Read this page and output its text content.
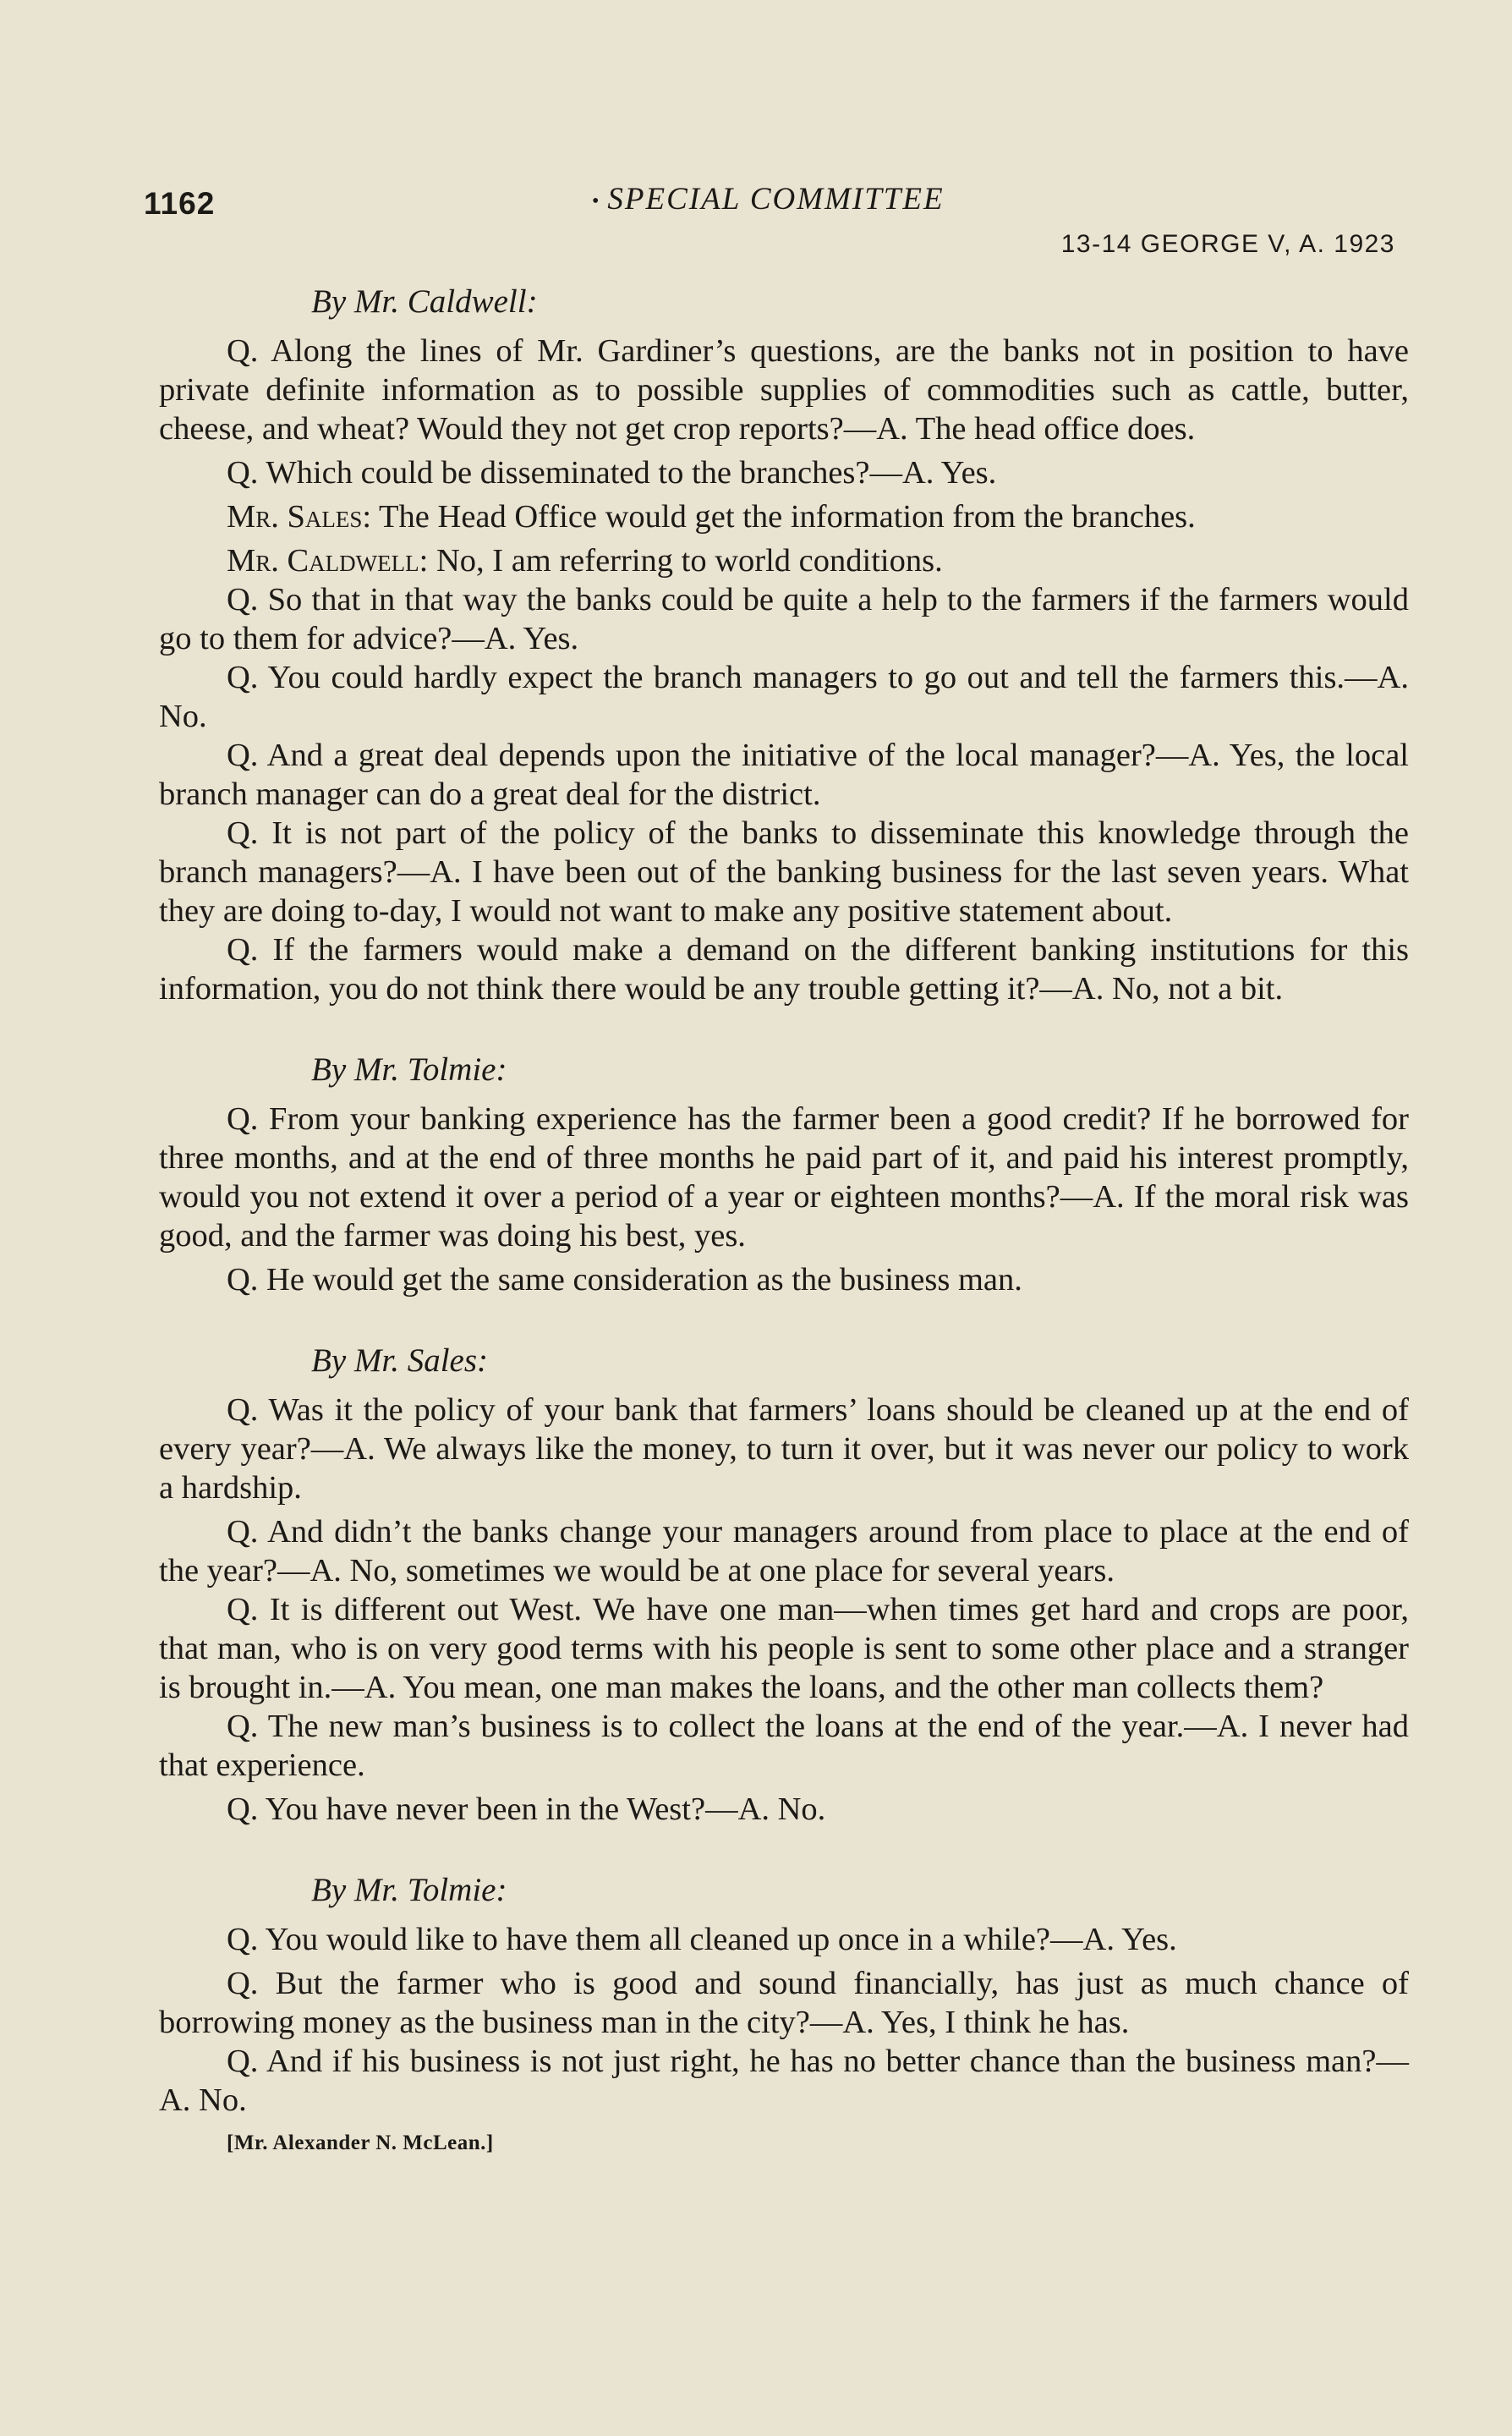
1162	• SPECIAL COMMITTEE
13-14 GEORGE V, A. 1923
By Mr. Caldwell:

Q. Along the lines of Mr. Gardiner’s questions, are the banks not in position to have private definite information as to possible supplies of commodities such as cattle, butter, cheese, and wheat? Would they not get crop reports?—A. The head office does.

Q. Which could be disseminated to the branches?—A. Yes.

Mr. Sales: The Head Office would get the information from the branches.

Mr. Caldwell: No, I am referring to world conditions.

Q. So that in that way the banks could be quite a help to the farmers if the farmers would go to them for advice?—A. Yes.

Q. You could hardly expect the branch managers to go out and tell the farmers this.—A. No.

Q. And a great deal depends upon the initiative of the local manager?—A. Yes, the local branch manager can do a great deal for the district.

Q. It is not part of the policy of the banks to disseminate this knowledge through the branch managers?—A. I have been out of the banking business for the last seven years. What they are doing to-day, I would not want to make any positive statement about.

Q. If the farmers would make a demand on the different banking institutions for this information, you do not think there would be any trouble getting it?—A. No, not a bit.

By Mr. Tolmie:

Q. From your banking experience has the farmer been a good credit? If he borrowed for three months, and at the end of three months he paid part of it, and paid his interest promptly, would you not extend it over a period of a year or eighteen months?—A. If the moral risk was good, and the farmer was doing his best, yes.

Q. He would get the same consideration as the business man.

By Mr. Sales:

Q. Was it the policy of your bank that farmers’ loans should be cleaned up at the end of every year?—A. We always like the money, to turn it over, but it was never our policy to work a hardship.

Q. And didn’t the banks change your managers around from place to place at the end of the year?—A. No, sometimes we would be at one place for several years.

Q. It is different out West. We have one man—when times get hard and crops are poor, that man, who is on very good terms with his people is sent to some other place and a stranger is brought in.—A. You mean, one man makes the loans, and the other man collects them?

Q. The new man’s business is to collect the loans at the end of the year.—A. I never had that experience.

Q. You have never been in the West?—A. No.

By Mr. Tolmie:

Q. You would like to have them all cleaned up once in a while?—A. Yes.

Q. But the farmer who is good and sound financially, has just as much chance of borrowing money as the business man in the city?—A. Yes, I think he has.

Q. And if his business is not just right, he has no better chance than the business man?—A. No.

[Mr. Alexander N. McLean.]
